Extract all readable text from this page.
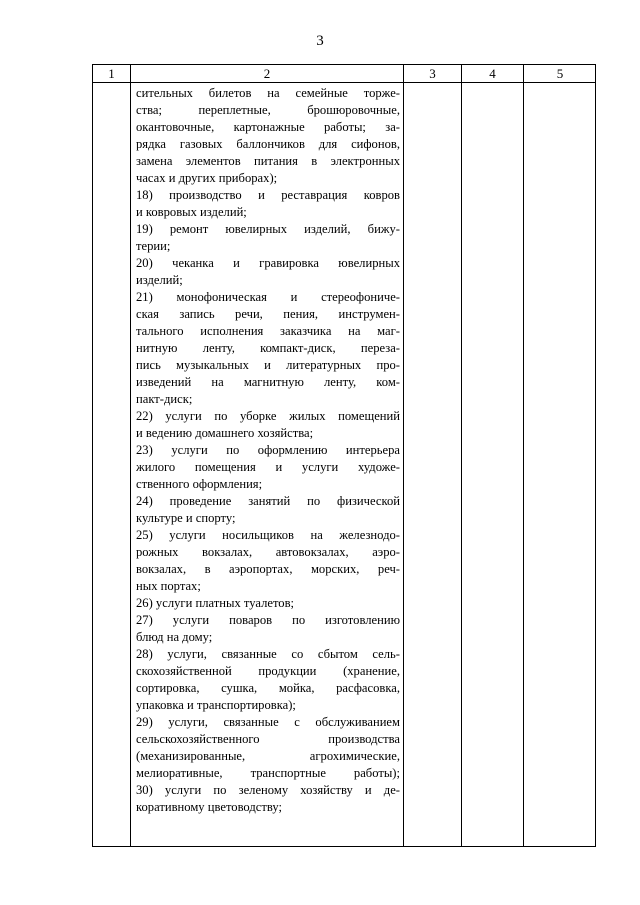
3
1	2	3	4	5
сительных билетов на семейные торже-
ства; переплетные, брошюровочные,
окантовочные, картонажные работы; за-
рядка газовых баллончиков для сифонов,
замена элементов питания в электронных
часах и других приборах);
18) производство и реставрация ковров
и ковровых изделий;
19) ремонт ювелирных изделий, бижу-
терии;
20) чеканка и гравировка ювелирных
изделий;
21) монофоническая и стереофониче-
ская запись речи, пения, инструмен-
тального исполнения заказчика на маг-
нитную ленту, компакт-диск, переза-
пись музыкальных и литературных про-
изведений на магнитную ленту, ком-
пакт-диск;
22) услуги по уборке жилых помещений
и ведению домашнего хозяйства;
23) услуги по оформлению интерьера
жилого помещения и услуги художе-
ственного оформления;
24) проведение занятий по физической
культуре и спорту;
25) услуги носильщиков на железнодо-
рожных вокзалах, автовокзалах, аэро-
вокзалах, в аэропортах, морских, реч-
ных портах;
26) услуги платных туалетов;
27) услуги поваров по изготовлению
блюд на дому;
28) услуги, связанные со сбытом сель-
скохозяйственной продукции (хранение,
сортировка, сушка, мойка, расфасовка,
упаковка и транспортировка);
29) услуги, связанные с обслуживанием
сельскохозяйственного производства
(механизированные, агрохимические,
мелиоративные, транспортные работы);
30) услуги по зеленому хозяйству и де-
коративному цветоводству;
